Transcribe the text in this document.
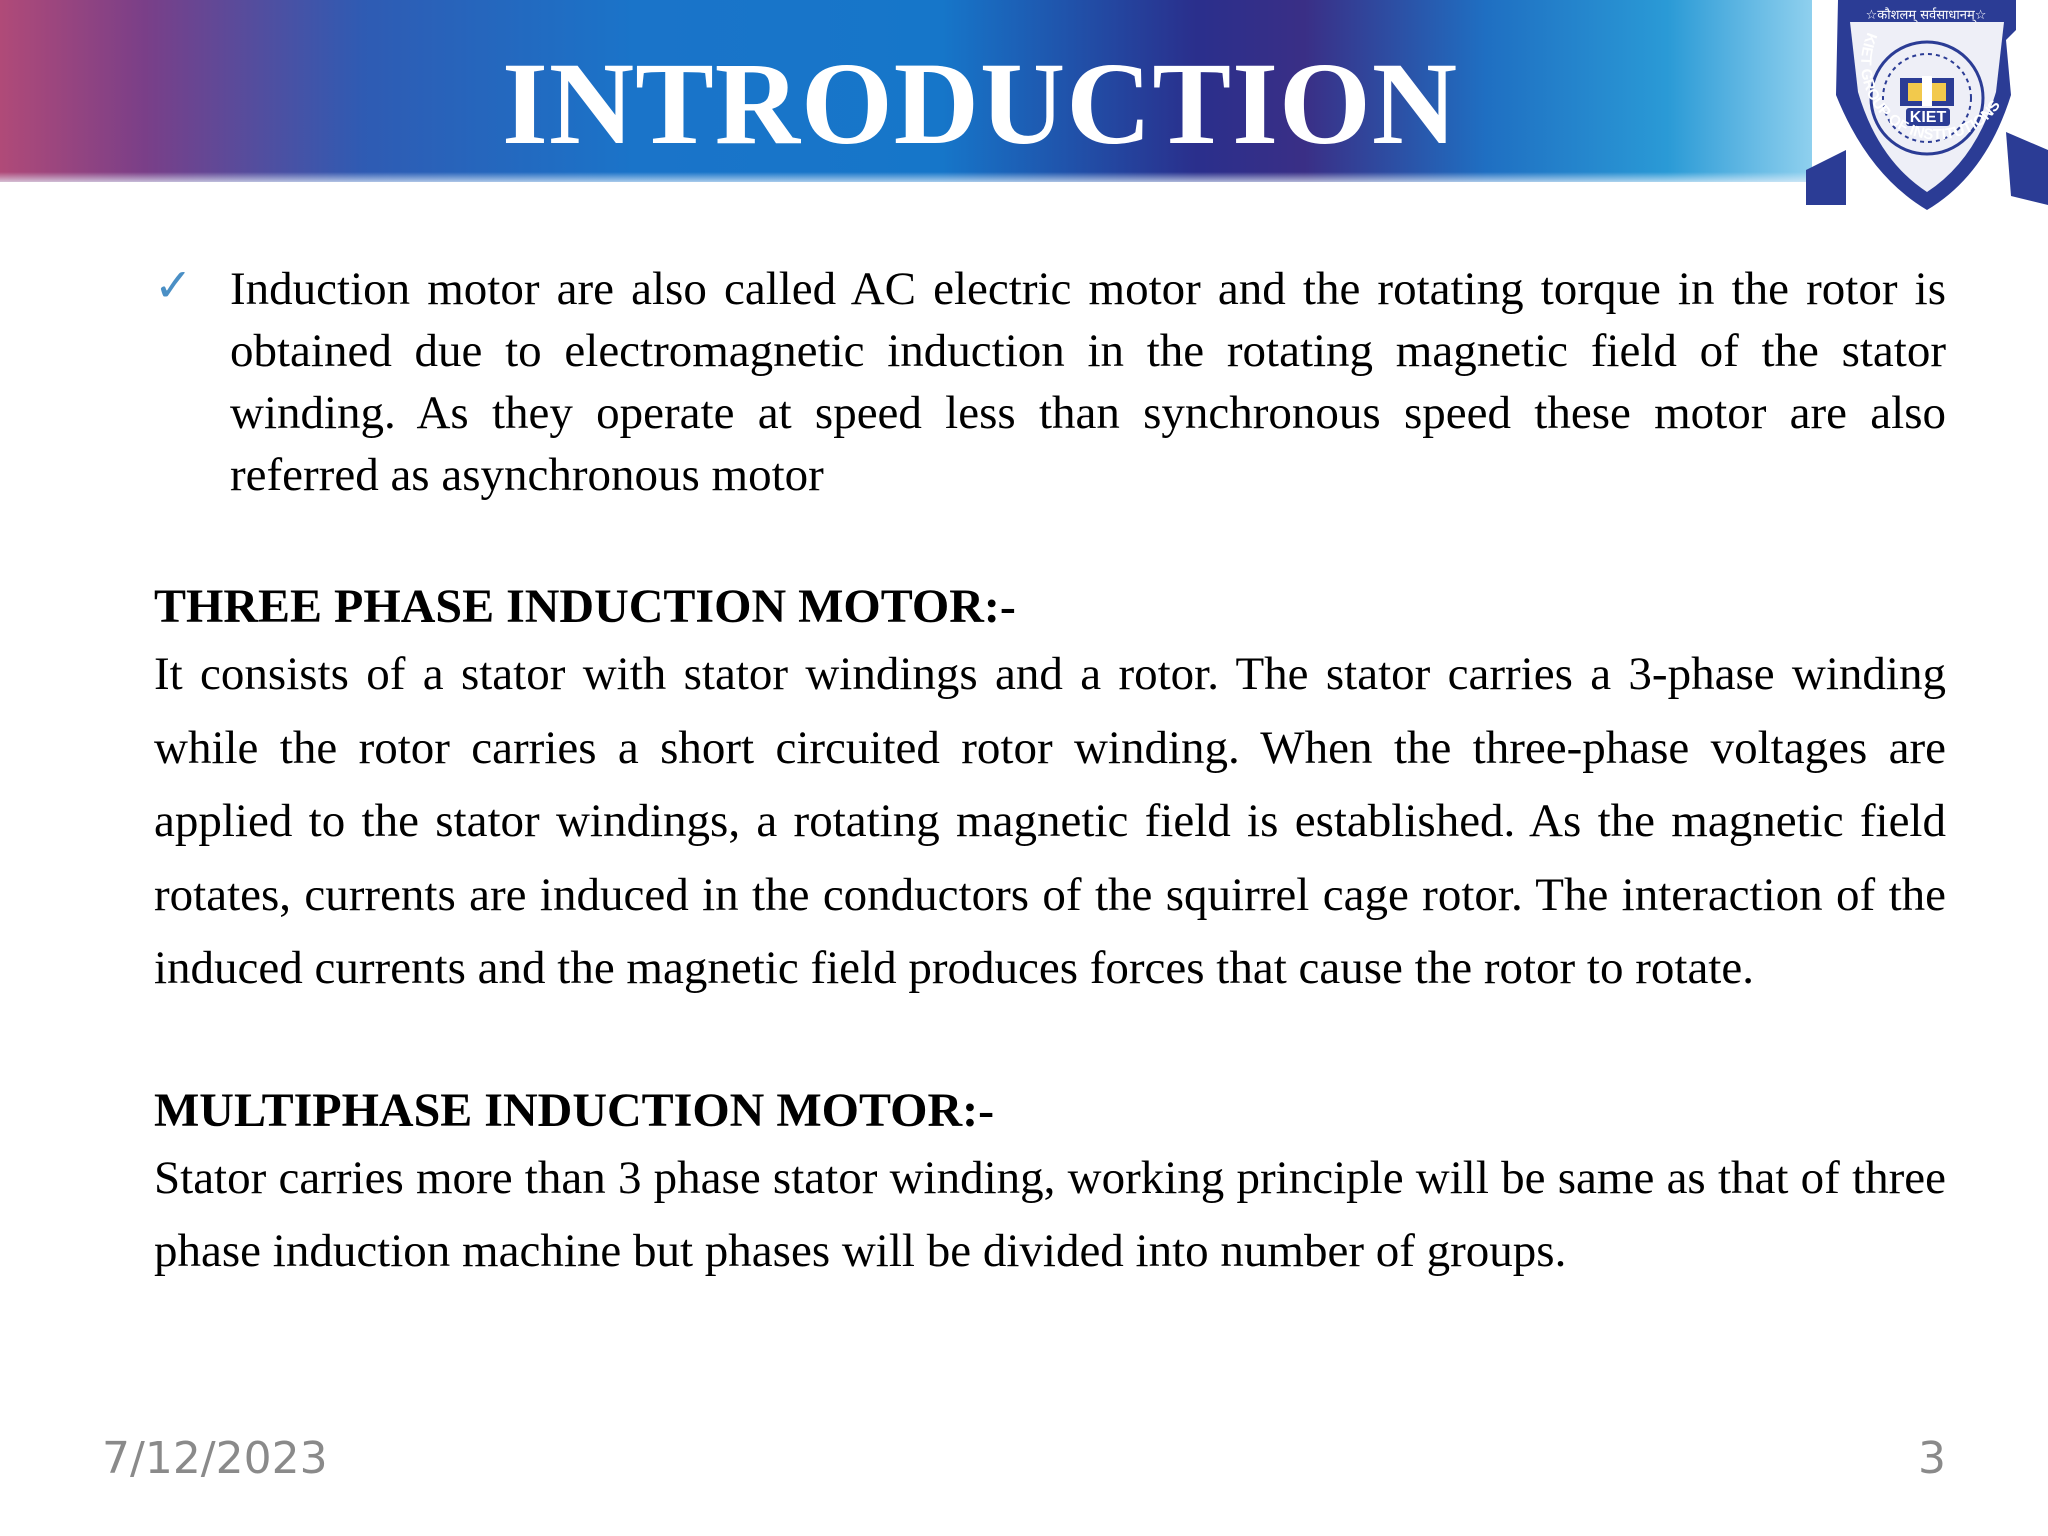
INTRODUCTION	KIET
☆कौशलम् सर्वसाधानम्☆
KIET GROUP OF INSTITUTIONS
✓ Induction motor are also called AC electric motor and the rotating torque in the rotor is obtained due to electromagnetic induction in the rotating magnetic field of the stator winding. As they operate at speed less than synchronous speed these motor are also referred as asynchronous motor
THREE PHASE INDUCTION MOTOR:-

It consists of a stator with stator windings and a rotor. The stator carries a 3-phase winding while the rotor carries a short circuited rotor winding. When the three-phase voltages are applied to the stator windings, a rotating magnetic field is established. As the magnetic field rotates, currents are induced in the conductors of the squirrel cage rotor. The interaction of the induced currents and the magnetic field produces forces that cause the rotor to rotate.

MULTIPHASE INDUCTION MOTOR:-

Stator carries more than 3 phase stator winding, working principle will be same as that of three phase induction machine but phases will be divided into number of groups.

7/12/2023	3
